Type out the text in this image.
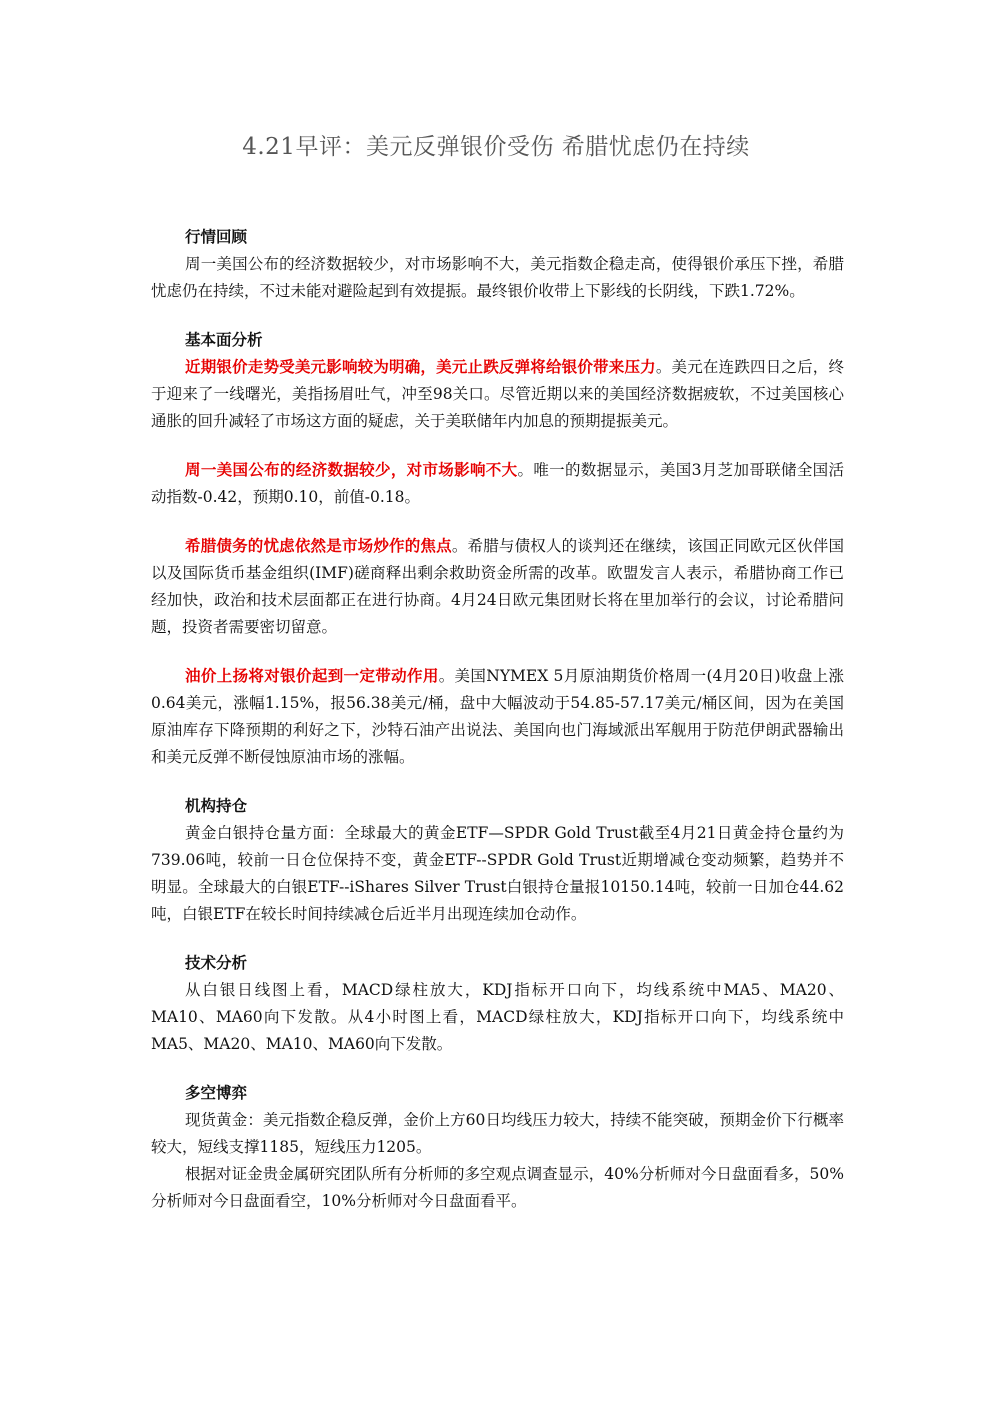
4.21早评：美元反弹银价受伤 希腊忧虑仍在持续

行情回顾

周一美国公布的经济数据较少，对市场影响不大，美元指数企稳走高，使得银价承压下挫，希腊忧虑仍在持续，不过未能对避险起到有效提振。最终银价收带上下影线的长阴线，下跌1.72%。

基本面分析

近期银价走势受美元影响较为明确，美元止跌反弹将给银价带来压力。美元在连跌四日之后，终于迎来了一线曙光，美指扬眉吐气，冲至98关口。尽管近期以来的美国经济数据疲软，不过美国核心通胀的回升减轻了市场这方面的疑虑，关于美联储年内加息的预期提振美元。

周一美国公布的经济数据较少，对市场影响不大。唯一的数据显示，美国3月芝加哥联储全国活动指数-0.42，预期0.10，前值-0.18。

希腊债务的忧虑依然是市场炒作的焦点。希腊与债权人的谈判还在继续，该国正同欧元区伙伴国以及国际货币基金组织(IMF)磋商释出剩余救助资金所需的改革。欧盟发言人表示，希腊协商工作已经加快，政治和技术层面都正在进行协商。4月24日欧元集团财长将在里加举行的会议，讨论希腊问题，投资者需要密切留意。

油价上扬将对银价起到一定带动作用。美国NYMEX 5月原油期货价格周一(4月20日)收盘上涨0.64美元，涨幅1.15%，报56.38美元/桶，盘中大幅波动于54.85-57.17美元/桶区间，因为在美国原油库存下降预期的利好之下，沙特石油产出说法、美国向也门海域派出军舰用于防范伊朗武器输出和美元反弹不断侵蚀原油市场的涨幅。

机构持仓

黄金白银持仓量方面：全球最大的黄金ETF—SPDR Gold Trust截至4月21日黄金持仓量约为739.06吨，较前一日仓位保持不变，黄金ETF--SPDR Gold Trust近期增减仓变动频繁，趋势并不明显。全球最大的白银ETF--iShares Silver Trust白银持仓量报10150.14吨，较前一日加仓44.62吨，白银ETF在较长时间持续减仓后近半月出现连续加仓动作。

技术分析

从白银日线图上看，MACD绿柱放大，KDJ指标开口向下，均线系统中MA5、MA20、MA10、MA60向下发散。从4小时图上看，MACD绿柱放大，KDJ指标开口向下，均线系统中MA5、MA20、MA10、MA60向下发散。

多空博弈

现货黄金：美元指数企稳反弹，金价上方60日均线压力较大，持续不能突破，预期金价下行概率较大，短线支撑1185，短线压力1205。

根据对证金贵金属研究团队所有分析师的多空观点调查显示，40%分析师对今日盘面看多，50%分析师对今日盘面看空，10%分析师对今日盘面看平。
